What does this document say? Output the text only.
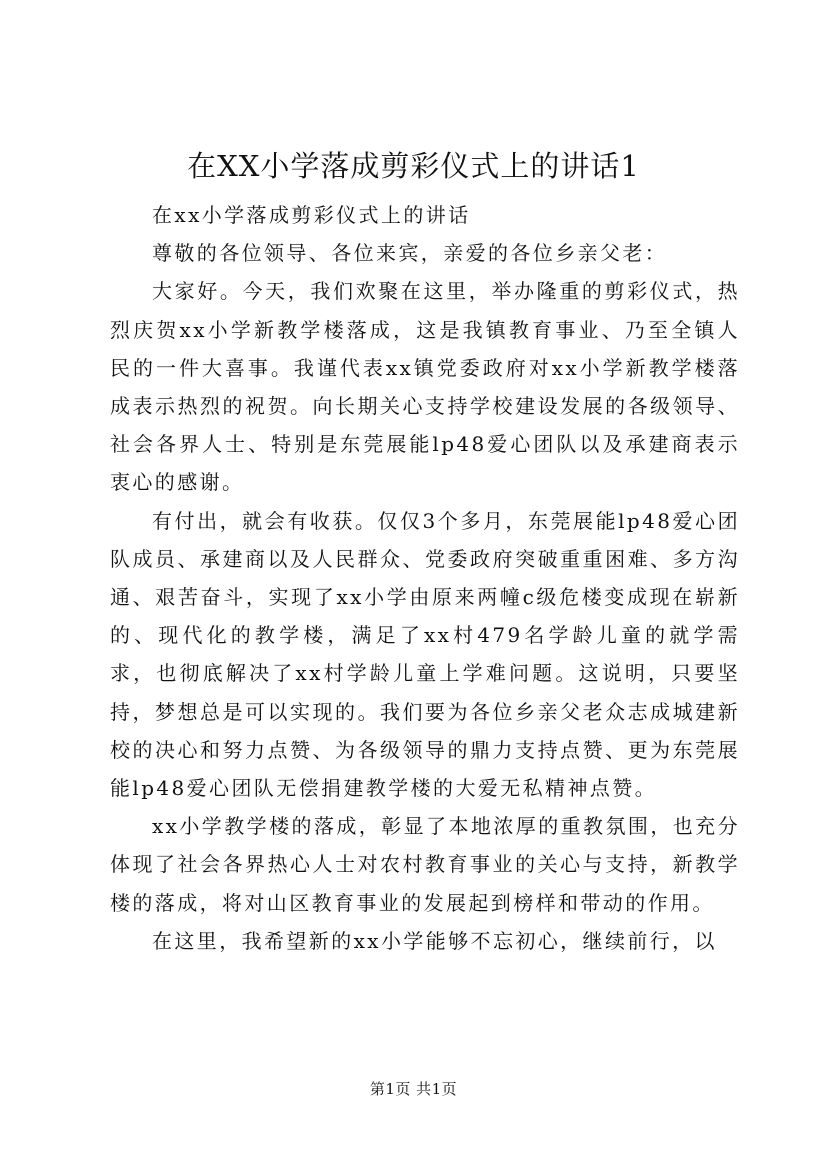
在XX小学落成剪彩仪式上的讲话1

在xx小学落成剪彩仪式上的讲话

尊敬的各位领导、各位来宾，亲爱的各位乡亲父老：

大家好。今天，我们欢聚在这里，举办隆重的剪彩仪式，热烈庆贺xx小学新教学楼落成，这是我镇教育事业、乃至全镇人民的一件大喜事。我谨代表xx镇党委政府对xx小学新教学楼落成表示热烈的祝贺。向长期关心支持学校建设发展的各级领导、社会各界人士、特别是东莞展能lp48爱心团队以及承建商表示衷心的感谢。

有付出，就会有收获。仅仅3个多月，东莞展能lp48爱心团队成员、承建商以及人民群众、党委政府突破重重困难、多方沟通、艰苦奋斗，实现了xx小学由原来两幢c级危楼变成现在崭新的、现代化的教学楼，满足了xx村479名学龄儿童的就学需求，也彻底解决了xx村学龄儿童上学难问题。这说明，只要坚持，梦想总是可以实现的。我们要为各位乡亲父老众志成城建新校的决心和努力点赞、为各级领导的鼎力支持点赞、更为东莞展能lp48爱心团队无偿捐建教学楼的大爱无私精神点赞。

xx小学教学楼的落成，彰显了本地浓厚的重教氛围，也充分体现了社会各界热心人士对农村教育事业的关心与支持，新教学楼的落成，将对山区教育事业的发展起到榜样和带动的作用。

在这里，我希望新的xx小学能够不忘初心，继续前行，以

第1页 共1页
